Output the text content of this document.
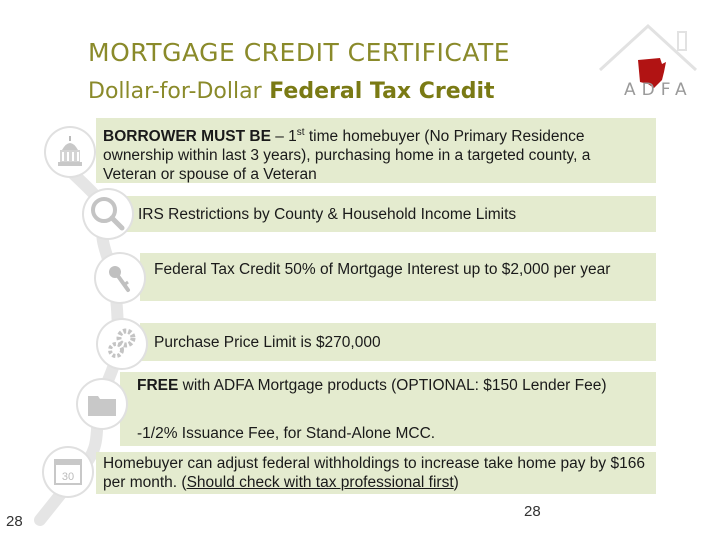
ADFA
MORTGAGE CREDIT CERTIFICATE
Dollar-for-Dollar Federal Tax Credit
30
BORROWER MUST BE – 1st time homebuyer (No Primary Residence ownership within last 3 years), purchasing home in a targeted county, a Veteran or spouse of a Veteran
IRS Restrictions by County & Household Income Limits
Federal Tax Credit 50% of Mortgage Interest up to $2,000 per year
Purchase Price Limit is $270,000
FREE with ADFA Mortgage products (OPTIONAL: $150 Lender Fee)
-1/2% Issuance Fee, for Stand-Alone MCC.
Homebuyer can adjust federal withholdings to increase take home pay by $166 per month. (Should check with tax professional first)
28
28
